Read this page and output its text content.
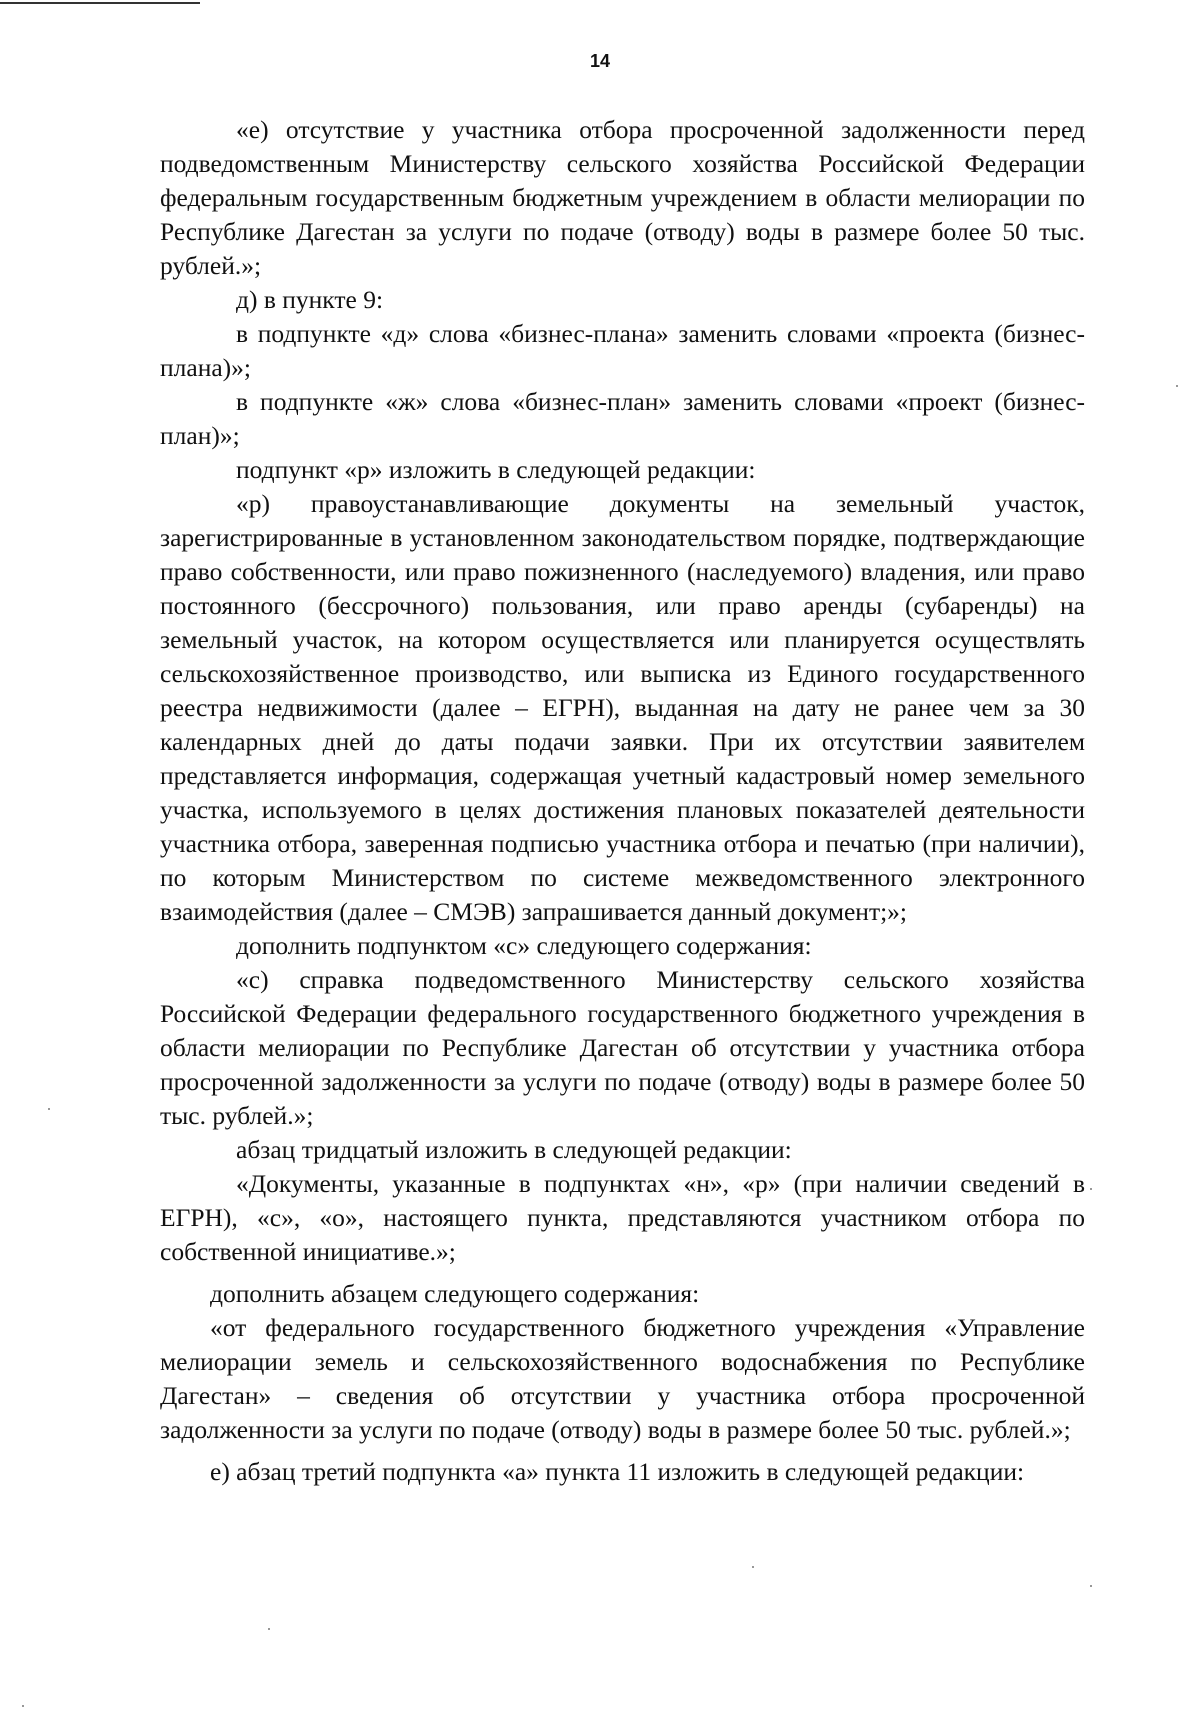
14

«е) отсутствие у участника отбора просроченной задолженности перед подведомственным Министерству сельского хозяйства Российской Федерации федеральным государственным бюджетным учреждением в области мелиорации по Республике Дагестан за услуги по подаче (отводу) воды в размере более 50 тыс. рублей.»;

д) в пункте 9:

в подпункте «д» слова «бизнес-плана» заменить словами «проекта (бизнес-плана)»;

в подпункте «ж» слова «бизнес-план» заменить словами «проект (бизнес-план)»;

подпункт «р» изложить в следующей редакции:

«р) правоустанавливающие документы на земельный участок, зарегистрированные в установленном законодательством порядке, подтверждающие право собственности, или право пожизненного (наследуемого) владения, или право постоянного (бессрочного) пользования, или право аренды (субаренды) на земельный участок, на котором осуществляется или планируется осуществлять сельскохозяйственное производство, или выписка из Единого государственного реестра недвижимости (далее – ЕГРН), выданная на дату не ранее чем за 30 календарных дней до даты подачи заявки. При их отсутствии заявителем представляется информация, содержащая учетный кадастровый номер земельного участка, используемого в целях достижения плановых показателей деятельности участника отбора, заверенная подписью участника отбора и печатью (при наличии), по которым Министерством по системе межведомственного электронного взаимодействия (далее – СМЭВ) запрашивается данный документ;»;

дополнить подпунктом «с» следующего содержания:

«с) справка подведомственного Министерству сельского хозяйства Российской Федерации федерального государственного бюджетного учреждения в области мелиорации по Республике Дагестан об отсутствии у участника отбора просроченной задолженности за услуги по подаче (отводу) воды в размере более 50 тыс. рублей.»;

абзац тридцатый изложить в следующей редакции:

«Документы, указанные в подпунктах «н», «р» (при наличии сведений в ЕГРН), «с», «о», настоящего пункта, представляются участником отбора по собственной инициативе.»;

дополнить абзацем следующего содержания:

«от федерального государственного бюджетного учреждения «Управление мелиорации земель и сельскохозяйственного водоснабжения по Республике Дагестан» – сведения об отсутствии у участника отбора просроченной задолженности за услуги по подаче (отводу) воды в размере более 50 тыс. рублей.»;

е) абзац третий подпункта «а» пункта 11 изложить в следующей редакции:
